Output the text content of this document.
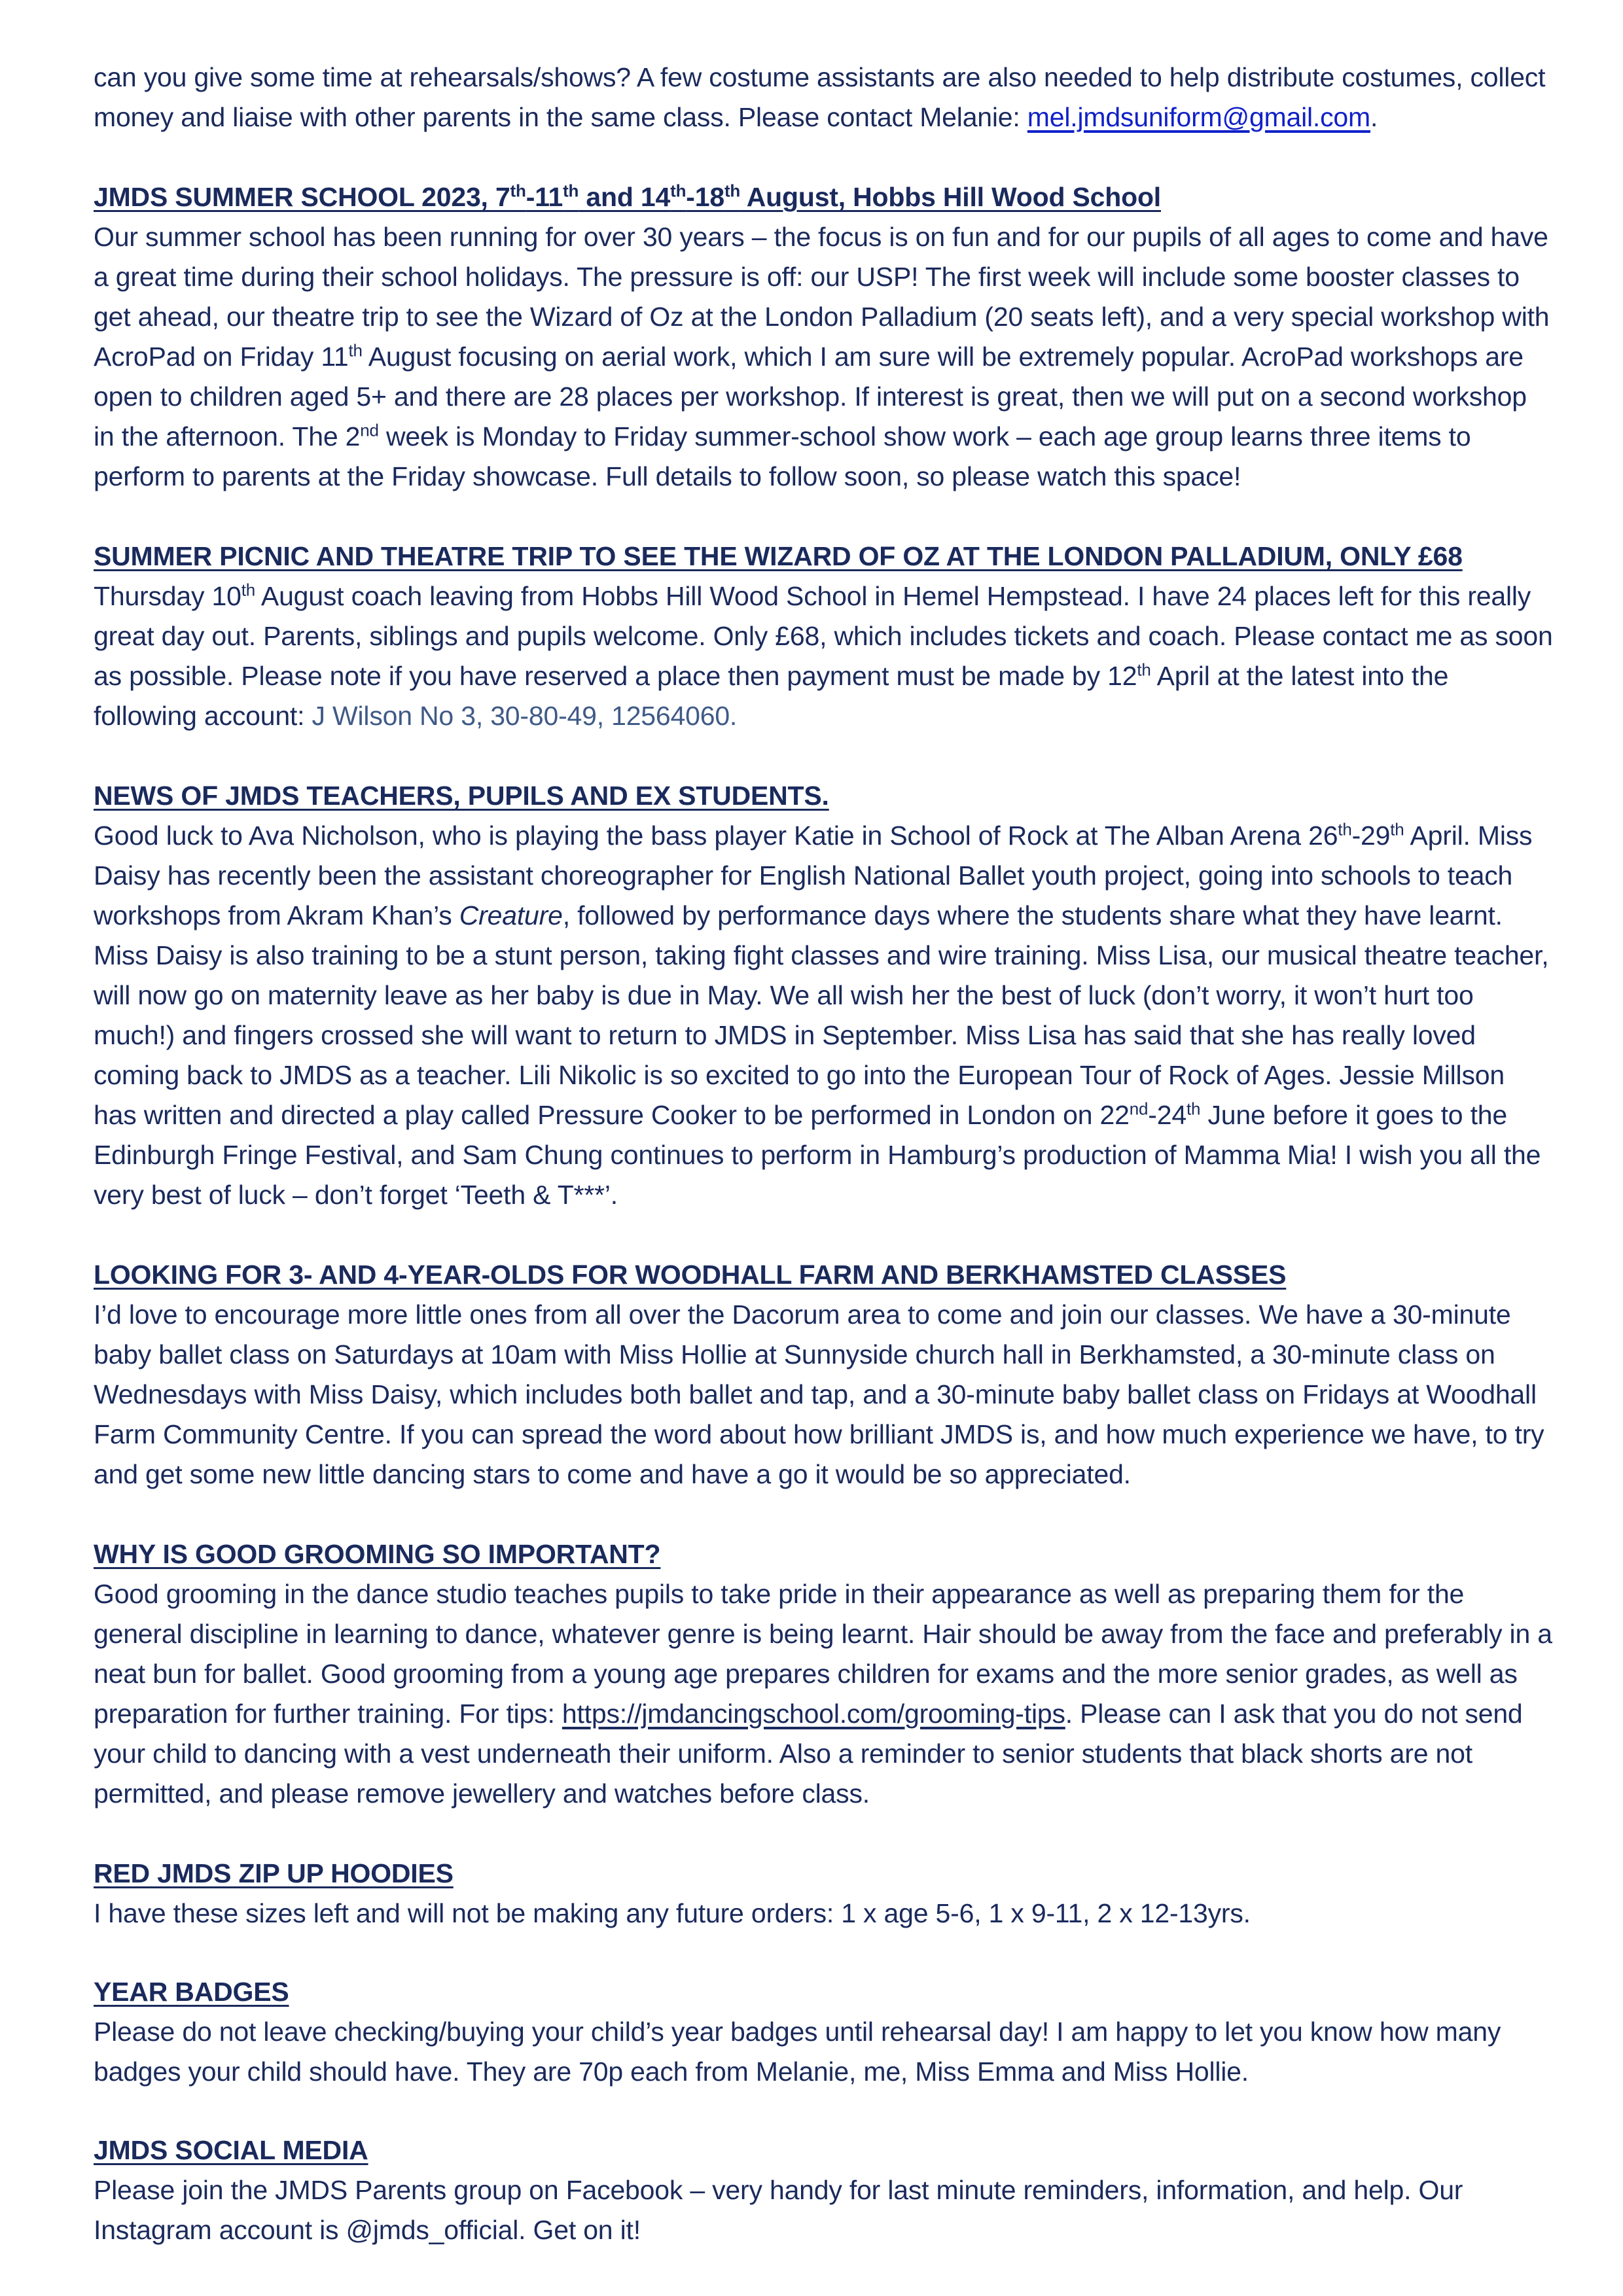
can you give some time at rehearsals/shows? A few costume assistants are also needed to help distribute costumes, collect money and liaise with other parents in the same class. Please contact Melanie: mel.jmdsuniform@gmail.com.

JMDS SUMMER SCHOOL 2023, 7th-11th and 14th-18th August, Hobbs Hill Wood School

Our summer school has been running for over 30 years – the focus is on fun and for our pupils of all ages to come and have a great time during their school holidays. The pressure is off: our USP! The first week will include some booster classes to get ahead, our theatre trip to see the Wizard of Oz at the London Palladium (20 seats left), and a very special workshop with AcroPad on Friday 11th August focusing on aerial work, which I am sure will be extremely popular. AcroPad workshops are open to children aged 5+ and there are 28 places per workshop. If interest is great, then we will put on a second workshop in the afternoon. The 2nd week is Monday to Friday summer-school show work – each age group learns three items to perform to parents at the Friday showcase. Full details to follow soon, so please watch this space!

SUMMER PICNIC AND THEATRE TRIP TO SEE THE WIZARD OF OZ AT THE LONDON PALLADIUM, ONLY £68

Thursday 10th August coach leaving from Hobbs Hill Wood School in Hemel Hempstead. I have 24 places left for this really great day out. Parents, siblings and pupils welcome. Only £68, which includes tickets and coach. Please contact me as soon as possible. Please note if you have reserved a place then payment must be made by 12th April at the latest into the following account: J Wilson No 3, 30-80-49, 12564060.

NEWS OF JMDS TEACHERS, PUPILS AND EX STUDENTS.

Good luck to Ava Nicholson, who is playing the bass player Katie in School of Rock at The Alban Arena 26th-29th April. Miss Daisy has recently been the assistant choreographer for English National Ballet youth project, going into schools to teach workshops from Akram Khan’s Creature, followed by performance days where the students share what they have learnt. Miss Daisy is also training to be a stunt person, taking fight classes and wire training. Miss Lisa, our musical theatre teacher, will now go on maternity leave as her baby is due in May. We all wish her the best of luck (don’t worry, it won’t hurt too much!) and fingers crossed she will want to return to JMDS in September. Miss Lisa has said that she has really loved coming back to JMDS as a teacher. Lili Nikolic is so excited to go into the European Tour of Rock of Ages. Jessie Millson has written and directed a play called Pressure Cooker to be performed in London on 22nd-24th June before it goes to the Edinburgh Fringe Festival, and Sam Chung continues to perform in Hamburg’s production of Mamma Mia! I wish you all the very best of luck – don’t forget ‘Teeth & T***’.

LOOKING FOR 3- AND 4-YEAR-OLDS FOR WOODHALL FARM AND BERKHAMSTED CLASSES

I’d love to encourage more little ones from all over the Dacorum area to come and join our classes. We have a 30-minute baby ballet class on Saturdays at 10am with Miss Hollie at Sunnyside church hall in Berkhamsted, a 30-minute class on Wednesdays with Miss Daisy, which includes both ballet and tap, and a 30-minute baby ballet class on Fridays at Woodhall Farm Community Centre. If you can spread the word about how brilliant JMDS is, and how much experience we have, to try and get some new little dancing stars to come and have a go it would be so appreciated.

WHY IS GOOD GROOMING SO IMPORTANT?

Good grooming in the dance studio teaches pupils to take pride in their appearance as well as preparing them for the general discipline in learning to dance, whatever genre is being learnt. Hair should be away from the face and preferably in a neat bun for ballet. Good grooming from a young age prepares children for exams and the more senior grades, as well as preparation for further training. For tips: https://jmdancingschool.com/grooming-tips. Please can I ask that you do not send your child to dancing with a vest underneath their uniform. Also a reminder to senior students that black shorts are not permitted, and please remove jewellery and watches before class.

RED JMDS ZIP UP HOODIES

I have these sizes left and will not be making any future orders: 1 x age 5-6, 1 x 9-11, 2 x 12-13yrs.

YEAR BADGES

Please do not leave checking/buying your child’s year badges until rehearsal day! I am happy to let you know how many badges your child should have. They are 70p each from Melanie, me, Miss Emma and Miss Hollie.

JMDS SOCIAL MEDIA

Please join the JMDS Parents group on Facebook – very handy for last minute reminders, information, and help. Our Instagram account is @jmds_official. Get on it!
